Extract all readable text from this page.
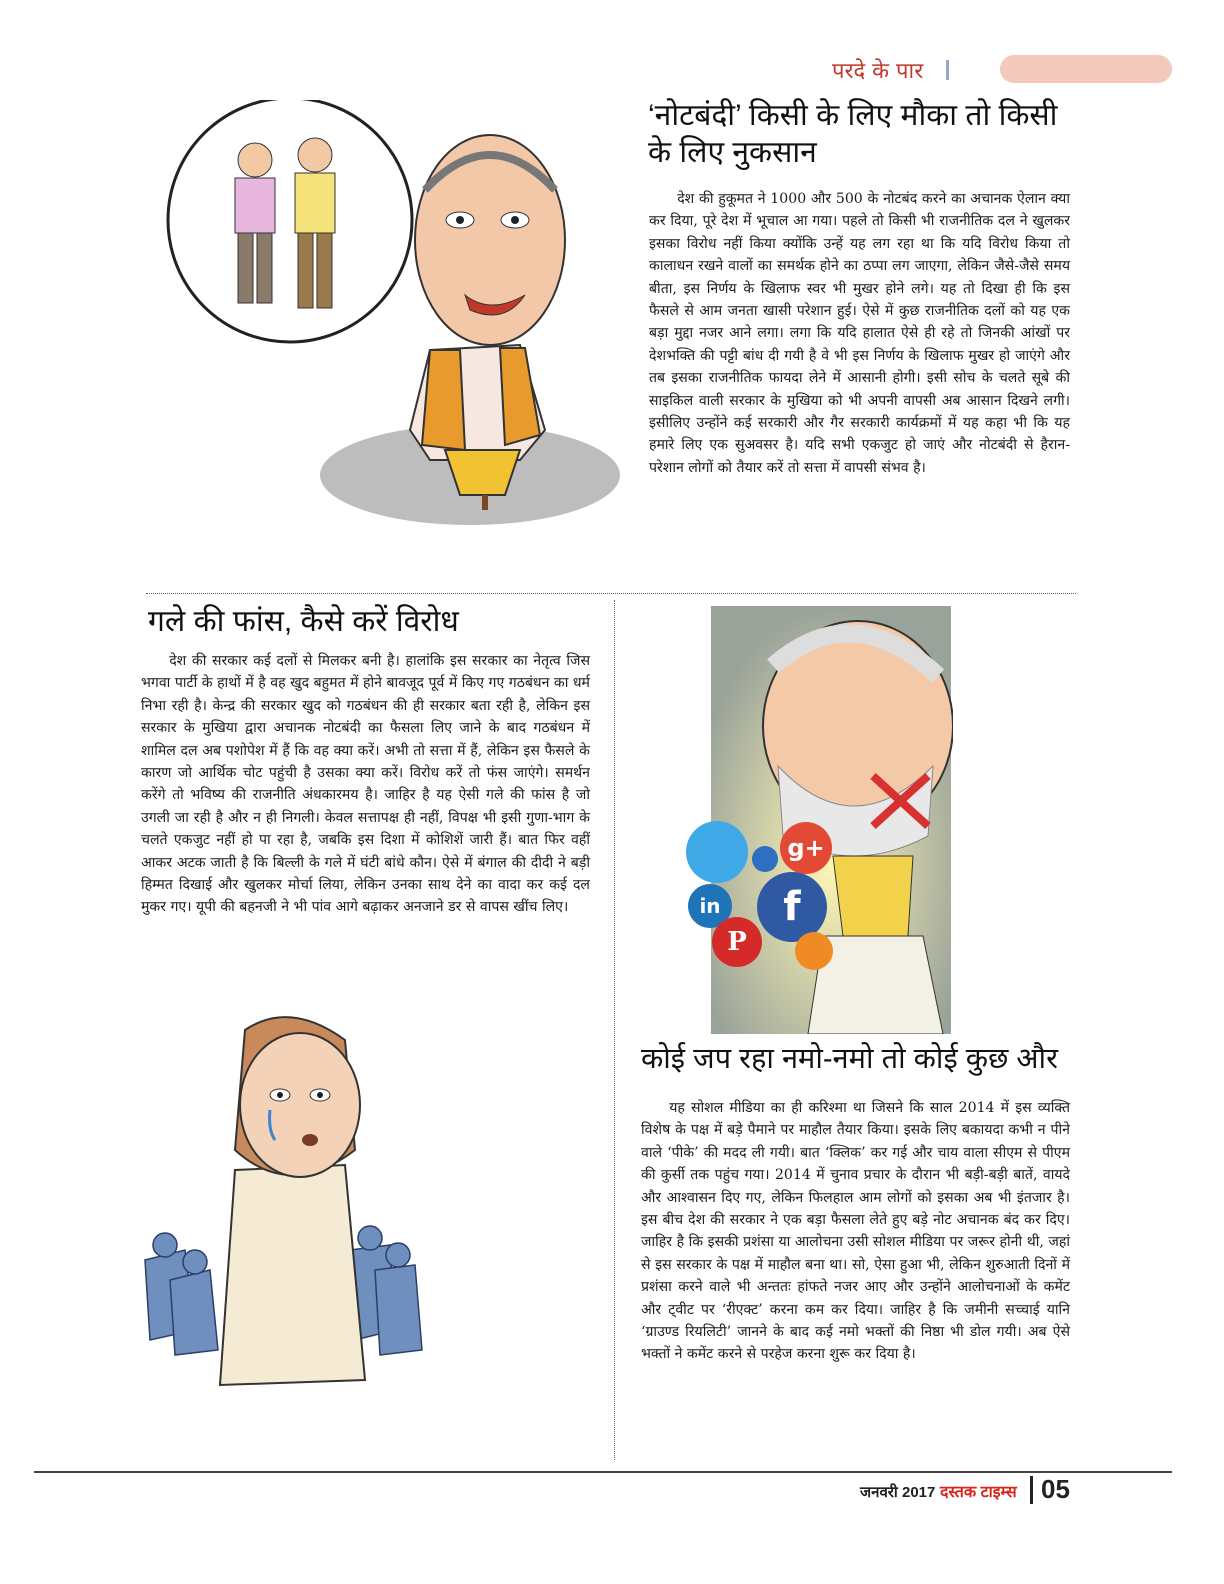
परदे के पार
‘नोटबंदी’ किसी के लिए मौका तो किसी के लिए नुकसान

देश की हुकूमत ने 1000 और 500 के नोटबंद करने का अचानक ऐलान क्या कर दिया, पूरे देश में भूचाल आ गया। पहले तो किसी भी राजनीतिक दल ने खुलकर इसका विरोध नहीं किया क्योंकि उन्हें यह लग रहा था कि यदि विरोध किया तो कालाधन रखने वालों का समर्थक होने का ठप्पा लग जाएगा, लेकिन जैसे-जैसे समय बीता, इस निर्णय के खिलाफ स्वर भी मुखर होने लगे। यह तो दिखा ही कि इस फैसले से आम जनता खासी परेशान हुई। ऐसे में कुछ राजनीतिक दलों को यह एक बड़ा मुद्दा नजर आने लगा। लगा कि यदि हालात ऐसे ही रहे तो जिनकी आंखों पर देशभक्ति की पट्टी बांध दी गयी है वे भी इस निर्णय के खिलाफ मुखर हो जाएंगे और तब इसका राजनीतिक फायदा लेने में आसानी होगी। इसी सोच के चलते सूबे की साइकिल वाली सरकार के मुखिया को भी अपनी वापसी अब आसान दिखने लगी। इसीलिए उन्होंने कई सरकारी और गैर सरकारी कार्यक्रमों में यह कहा भी कि यह हमारे लिए एक सुअवसर है। यदि सभी एकजुट हो जाएं और नोटबंदी से हैरान-परेशान लोगों को तैयार करें तो सत्ता में वापसी संभव है।

गले की फांस, कैसे करें विरोध

देश की सरकार कई दलों से मिलकर बनी है। हालांकि इस सरकार का नेतृत्व जिस भगवा पार्टी के हाथों में है वह खुद बहुमत में होने बावजूद पूर्व में किए गए गठबंधन का धर्म निभा रही है। केन्द्र की सरकार खुद को गठबंधन की ही सरकार बता रही है, लेकिन इस सरकार के मुखिया द्वारा अचानक नोटबंदी का फैसला लिए जाने के बाद गठबंधन में शामिल दल अब पशोपेश में हैं कि वह क्या करें। अभी तो सत्ता में हैं, लेकिन इस फैसले के कारण जो आर्थिक चोट पहुंची है उसका क्या करें। विरोध करें तो फंस जाएंगे। समर्थन करेंगे तो भविष्य की राजनीति अंधकारमय है। जाहिर है यह ऐसी गले की फांस है जो उगली जा रही है और न ही निगली। केवल सत्तापक्ष ही नहीं, विपक्ष भी इसी गुणा-भाग के चलते एकजुट नहीं हो पा रहा है, जबकि इस दिशा में कोशिशें जारी हैं। बात फिर वहीं आकर अटक जाती है कि बिल्ली के गले में घंटी बांधे कौन। ऐसे में बंगाल की दीदी ने बड़ी हिम्मत दिखाई और खुलकर मोर्चा लिया, लेकिन उनका साथ देने का वादा कर कई दल मुकर गए। यूपी की बहनजी ने भी पांव आगे बढ़ाकर अनजाने डर से वापस खींच लिए।

g+
f
in
P
कोई जप रहा नमो-नमो तो कोई कुछ और

यह सोशल मीडिया का ही करिश्मा था जिसने कि साल 2014 में इस व्यक्ति विशेष के पक्ष में बड़े पैमाने पर माहौल तैयार किया। इसके लिए बकायदा कभी न पीने वाले ‘पीके’ की मदद ली गयी। बात ‘क्लिक’ कर गई और चाय वाला सीएम से पीएम की कुर्सी तक पहुंच गया। 2014 में चुनाव प्रचार के दौरान भी बड़ी-बड़ी बातें, वायदे और आश्वासन दिए गए, लेकिन फिलहाल आम लोगों को इसका अब भी इंतजार है। इस बीच देश की सरकार ने एक बड़ा फैसला लेते हुए बड़े नोट अचानक बंद कर दिए। जाहिर है कि इसकी प्रशंसा या आलोचना उसी सोशल मीडिया पर जरूर होनी थी, जहां से इस सरकार के पक्ष में माहौल बना था। सो, ऐसा हुआ भी, लेकिन शुरुआती दिनों में प्रशंसा करने वाले भी अन्ततः हांफते नजर आए और उन्होंने आलोचनाओं के कमेंट और ट्वीट पर ‘रीएक्ट’ करना कम कर दिया। जाहिर है कि जमीनी सच्चाई यानि ‘ग्राउण्ड रियलिटी’ जानने के बाद कई नमो भक्तों की निष्ठा भी डोल गयी। अब ऐसे भक्तों ने कमेंट करने से परहेज करना शुरू कर दिया है।

जनवरी 2017 दस्तक टाइम्स 05
